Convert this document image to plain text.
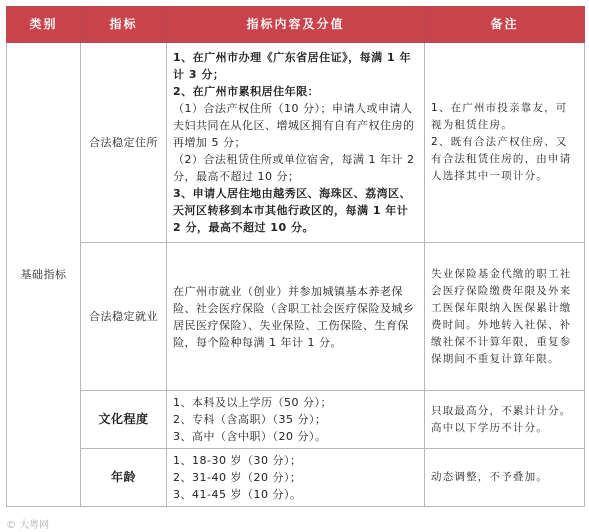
类别	指标	指标内容及分值	备注
基础指标	合法稳定住所	1、在广州市办理《广东省居住证》，每满 1 年计 3 分；
2、在广州市累积居住年限：
（1）合法产权住所（10 分）；申请人或申请人夫妇共同在从化区、增城区拥有自有产权住房的再增加 5 分；
（2）合法租赁住所或单位宿舍，每满 1 年计 2 分，最高不超过 10 分；
3、申请人居住地由越秀区、海珠区、荔湾区、天河区转移到本市其他行政区的，每满 1 年计 2 分，最高不超过 10 分。	1、在广州市投亲靠友，可视为租赁住房。
2、既有合法产权住房、又有合法租赁住房的，由申请人选择其中一项计分。

	合法稳定就业	在广州市就业（创业）并参加城镇基本养老保险、社会医疗保险（含职工社会医疗保险及城乡居民医疗保险）、失业保险、工伤保险、生育保险，每个险种每满 1 年计 1 分。	失业保险基金代缴的职工社会医疗保险缴费年限及外来工医保年限纳入医保累计缴费时间。外地转入社保、补缴社保不计算年限，重复参保期间不重复计算年限。
	文化程度	1、本科及以上学历（50 分）；
2、专科（含高职）（35 分）；
3、高中（含中职）（20 分）。	只取最高分，不累计计分。高中以下学历不计分。
	年龄	1、18-30 岁（30 分）；
2、31-40 岁（20 分）；
3、41-45 岁（10 分）。	动态调整，不予叠加。
© 大粤网
